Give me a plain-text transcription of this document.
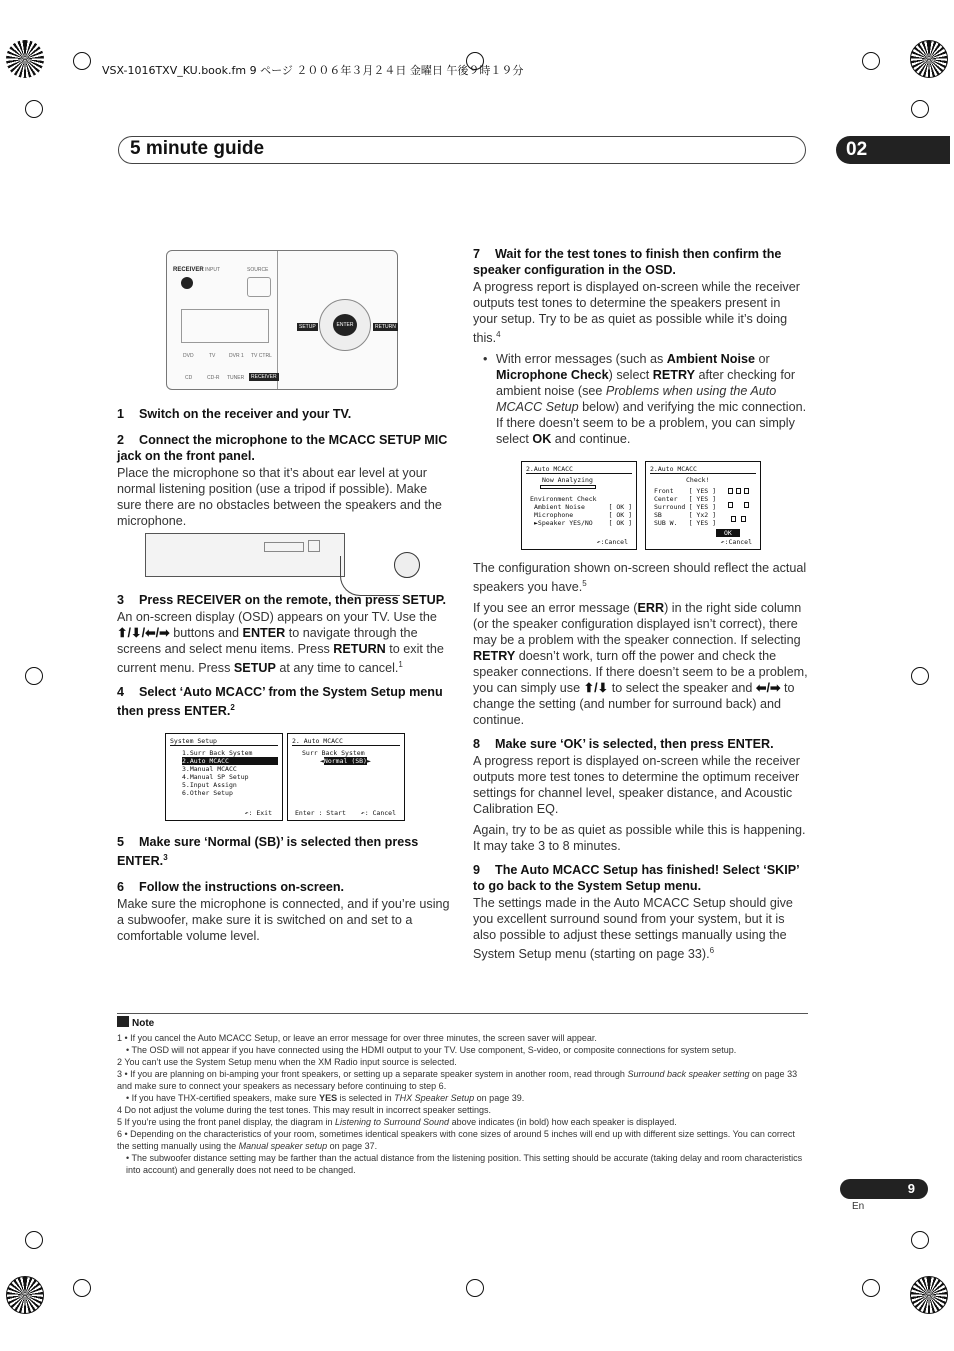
VSX-1016TXV_KU.book.fm 9 ページ ２００６年３月２４日 金曜日 午後９時１９分
5 minute guide	02
RECEIVER INPUT	SOURCE
DVD	TV	DVR 1 TV CTRL
CD	CD-R TUNER	RECEIVER
ENTER
SETUP	RETURN
1 Switch on the receiver and your TV.
2 Connect the microphone to the MCACC SETUP MIC jack on the front panel.

Place the microphone so that it’s about ear level at your normal listening position (use a tripod if possible). Make sure there are no obstacles between the speakers and the microphone.

3 Press RECEIVER on the remote, then press SETUP.

An on-screen display (OSD) appears on your TV. Use the ⬆/⬇/⬅/➡ buttons and ENTER to navigate through the screens and select menu items. Press RETURN to exit the current menu. Press SETUP at any time to cancel.$^1$

4 Select ‘Auto MCACC’ from the System Setup menu then press ENTER.$^2$
System Setup
1.Surr Back System
2.Auto MCACC
3.Manual MCACC
4.Manual SP Setup
5.Input Assign
6.Other Setup
↶: Exit
2. Auto MCACC
Surr Back System
◄Normal (SB)►
Enter : Start ↶: Cancel
5 Make sure ‘Normal (SB)’ is selected then press ENTER.$^3$
6 Follow the instructions on-screen.

Make sure the microphone is connected, and if you’re using a subwoofer, make sure it is switched on and set to a comfortable volume level.

7 Wait for the test tones to finish then confirm the speaker configuration in the OSD.

A progress report is displayed on-screen while the receiver outputs test tones to determine the speakers present in your setup. Try to be as quiet as possible while it’s doing this.$^4$

• With error messages (such as Ambient Noise or Microphone Check) select RETRY after checking for ambient noise (see Problems when using the Auto MCACC Setup below) and verifying the mic connection. If there doesn’t seem to be a problem, you can simply select OK and continue.

2.Auto MCACC
Now Analyzing
Environment Check
Ambient Noise	[ OK ]
Microphone	[ OK ]
►Speaker YES/NO [ OK ]
↶:Cancel
2.Auto MCACC
Check!
Front [ YES ]
Center [ YES ]
Surround [ YES ]
SB	[ Yx2 ]
SUB W. [ YES ]
OK
↶:Cancel

The configuration shown on-screen should reflect the actual speakers you have.$^5$

If you see an error message (ERR) in the right side column (or the speaker configuration displayed isn’t correct), there may be a problem with the speaker connection. If selecting RETRY doesn’t work, turn off the power and check the speaker connections. If there doesn’t seem to be a problem, you can simply use ⬆/⬇ to select the speaker and ⬅/➡ to change the setting (and number for surround back) and continue.

8 Make sure ‘OK’ is selected, then press ENTER.

A progress report is displayed on-screen while the receiver outputs more test tones to determine the optimum receiver settings for channel level, speaker distance, and Acoustic Calibration EQ.

Again, try to be as quiet as possible while this is happening. It may take 3 to 8 minutes.

9 The Auto MCACC Setup has finished! Select ‘SKIP’ to go back to the System Setup menu.

The settings made in the Auto MCACC Setup should give you excellent surround sound from your system, but it is also possible to adjust these settings manually using the System Setup menu (starting on page 33).$^6$

Note
1 • If you cancel the Auto MCACC Setup, or leave an error message for over three minutes, the screen saver will appear.
• The OSD will not appear if you have connected using the HDMI output to your TV. Use component, S-video, or composite connections for system setup.
2 You can’t use the System Setup menu when the XM Radio input source is selected.
3 • If you are planning on bi-amping your front speakers, or setting up a separate speaker system in another room, read through Surround back speaker setting on page 33 and make sure to connect your speakers as necessary before continuing to step 6.
• If you have THX-certified speakers, make sure YES is selected in THX Speaker Setup on page 39.
4 Do not adjust the volume during the test tones. This may result in incorrect speaker settings.
5 If you’re using the front panel display, the diagram in Listening to Surround Sound above indicates (in bold) how each speaker is displayed.
6 • Depending on the characteristics of your room, sometimes identical speakers with cone sizes of around 5 inches will end up with different size settings. You can correct the setting manually using the Manual speaker setup on page 37.
• The subwoofer distance setting may be farther than the actual distance from the listening position. This setting should be accurate (taking delay and room characteristics into account) and generally does not need to be changed.
9
En
